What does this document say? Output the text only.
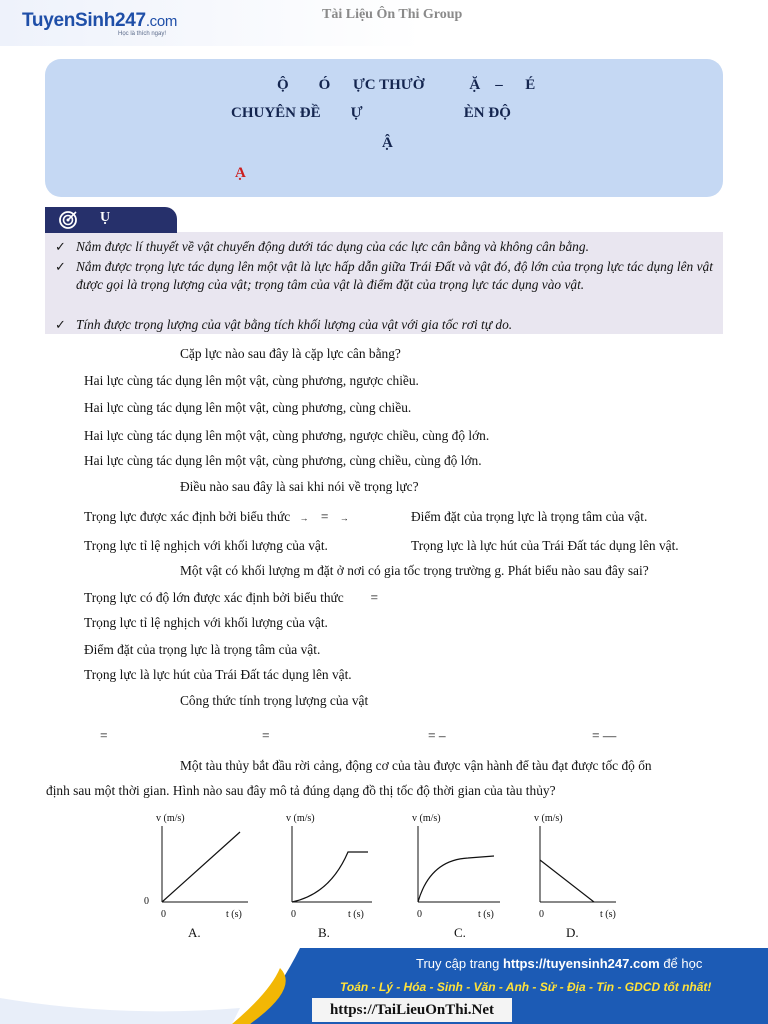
TuyenSinh247.com
Học là thích ngay!
Tài Liệu Ôn Thi Group
Ộ        Ó      ỰC THƯỜ            Ặ    –      É
CHUYÊN ĐỀ        Ự                           ÈN ĐỘ
Ậ
Ạ
Ụ
✓ Nắm được lí thuyết về vật chuyển động dưới tác dụng của các lực cân bằng và không cân bằng.
✓ Nắm được trọng lực tác dụng lên một vật là lực hấp dẫn giữa Trái Đất và vật đó, độ lớn của trọng lực tác dụng lên vật được gọi là trọng lượng của vật; trọng tâm của vật là điểm đặt của trọng lực tác dụng vào vật.
✓ Tính được trọng lượng của vật bằng tích khối lượng của vật với gia tốc rơi tự do.
Cặp lực nào sau đây là cặp lực cân bằng?
Hai lực cùng tác dụng lên một vật, cùng phương, ngược chiều.
Hai lực cùng tác dụng lên một vật, cùng phương, cùng chiều.
Hai lực cùng tác dụng lên một vật, cùng phương, ngược chiều, cùng độ lớn.
Hai lực cùng tác dụng lên một vật, cùng phương, cùng chiều, cùng độ lớn.
Điều nào sau đây là sai khi nói về trọng lực?
Trọng lực được xác định bởi biểu thức → = →	Điểm đặt của trọng lực là trọng tâm của vật.
Trọng lực tỉ lệ nghịch với khối lượng của vật.	Trọng lực là lực hút của Trái Đất tác dụng lên vật.
Một vật có khối lượng m đặt ở nơi có gia tốc trọng trường g. Phát biểu nào sau đây sai?
Trọng lực có độ lớn được xác định bởi biểu thức =
Trọng lực tỉ lệ nghịch với khối lượng của vật.
Điểm đặt của trọng lực là trọng tâm của vật.
Trọng lực là lực hút của Trái Đất tác dụng lên vật.
Công thức tính trọng lượng của vật
=	=	= –	= —
Một tàu thủy bắt đầu rời cảng, động cơ của tàu được vận hành để tàu đạt được tốc độ ổn
định sau một thời gian. Hình nào sau đây mô tả đúng dạng đồ thị tốc độ thời gian của tàu thủy?
v (m/s)
0
0	t (s)
A.
v (m/s)
0	t (s)
B.
v (m/s)
0	t (s)
C.
v (m/s)
0	t (s)
D.
Truy cập trang https://tuyensinh247.com để học
Toán - Lý - Hóa - Sinh - Văn - Anh - Sử - Địa - Tin - GDCD tốt nhất!
https://TaiLieuOnThi.Net
